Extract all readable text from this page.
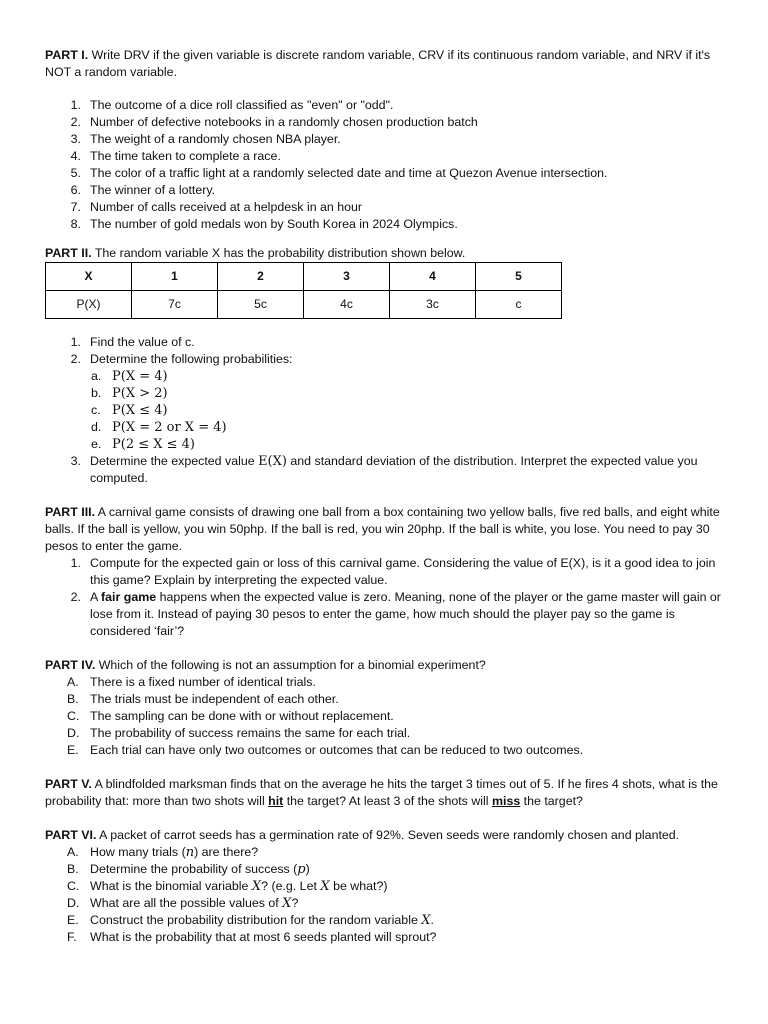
PART I. Write DRV if the given variable is discrete random variable, CRV if its continuous random variable, and NRV if it's NOT a random variable.

1. The outcome of a dice roll classified as "even" or "odd".
2. Number of defective notebooks in a randomly chosen production batch
3. The weight of a randomly chosen NBA player.
4. The time taken to complete a race.
5. The color of a traffic light at a randomly selected date and time at Quezon Avenue intersection.
6. The winner of a lottery.
7. Number of calls received at a helpdesk in an hour
8. The number of gold medals won by South Korea in 2024 Olympics.

PART II. The random variable X has the probability distribution shown below.

X	1	2	3	4	5
P(X)	7c	5c	4c	3c	c
1. Find the value of c.
2. Determine the following probabilities:
a. P(X = 4)
b. P(X > 2)
c. P(X ≤ 4)
d. P(X = 2 or X = 4)
e. P(2 ≤ X ≤ 4)
3. Determine the expected value E(X) and standard deviation of the distribution. Interpret the expected value you computed.

PART III. A carnival game consists of drawing one ball from a box containing two yellow balls, five red balls, and eight white balls. If the ball is yellow, you win 50php. If the ball is red, you win 20php. If the ball is white, you lose. You need to pay 30 pesos to enter the game.

1. Compute for the expected gain or loss of this carnival game. Considering the value of E(X), is it a good idea to join this game? Explain by interpreting the expected value.
2. A fair game happens when the expected value is zero. Meaning, none of the player or the game master will gain or lose from it. Instead of paying 30 pesos to enter the game, how much should the player pay so the game is considered ‘fair’?

PART IV. Which of the following is not an assumption for a binomial experiment?

A. There is a fixed number of identical trials.
B. The trials must be independent of each other.
C. The sampling can be done with or without replacement.
D. The probability of success remains the same for each trial.
E. Each trial can have only two outcomes or outcomes that can be reduced to two outcomes.

PART V. A blindfolded marksman finds that on the average he hits the target 3 times out of 5. If he fires 4 shots, what is the probability that: more than two shots will hit the target? At least 3 of the shots will miss the target?

PART VI. A packet of carrot seeds has a germination rate of 92%. Seven seeds were randomly chosen and planted.

A. How many trials (n) are there?
B. Determine the probability of success (p)
C. What is the binomial variable X? (e.g. Let X be what?)
D. What are all the possible values of X?
E. Construct the probability distribution for the random variable X.
F. What is the probability that at most 6 seeds planted will sprout?
